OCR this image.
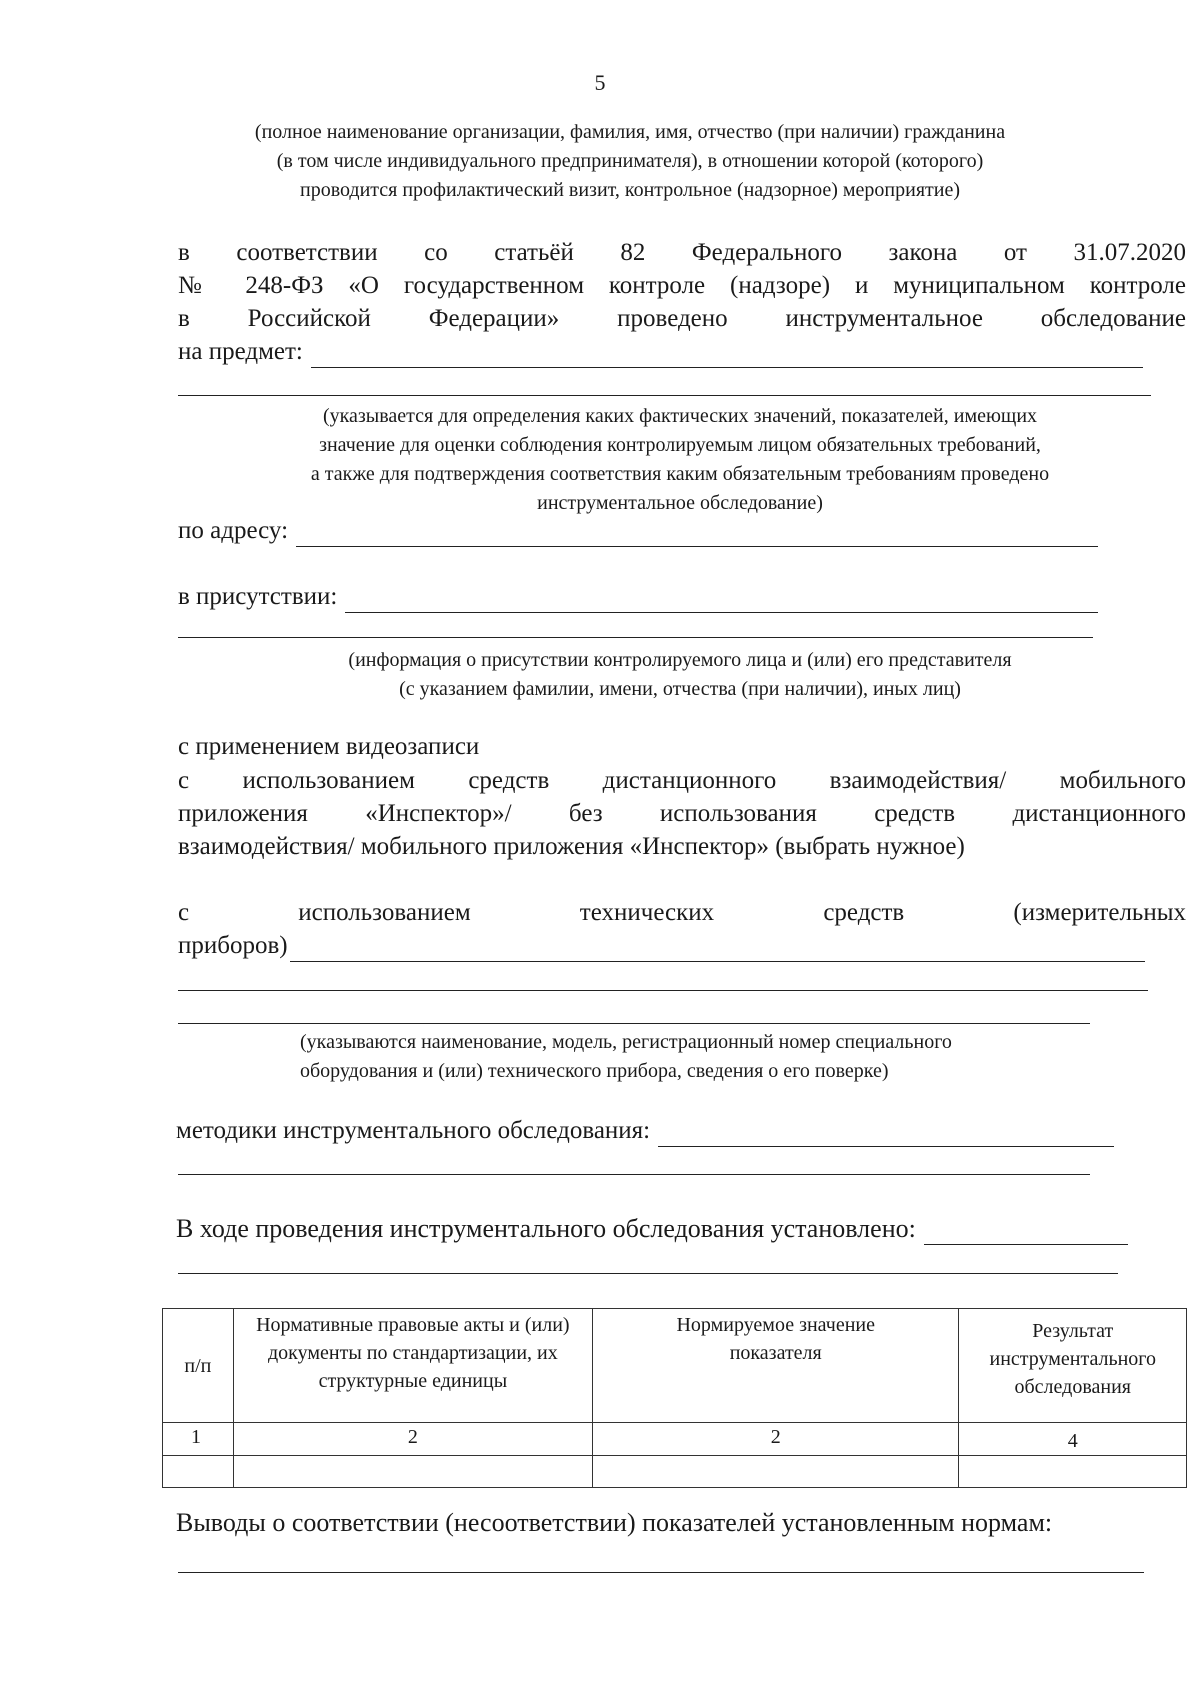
5
(полное наименование организации, фамилия, имя, отчество (при наличии) гражданина
(в том числе индивидуального предпринимателя), в отношении которой (которого)
проводится профилактический визит, контрольное (надзорное) мероприятие)
в соответствии со статьёй 82 Федерального закона от 31.07.2020
№ 248-ФЗ «О государственном контроле (надзоре) и муниципальном контроле
в Российской Федерации» проведено инструментальное обследование
на предмет:
(указывается для определения каких фактических значений, показателей, имеющих
значение для оценки соблюдения контролируемым лицом обязательных требований,
а также для подтверждения соответствия каким обязательным требованиям проведено
инструментальное обследование)
по адресу:
в присутствии:
(информация о присутствии контролируемого лица и (или) его представителя
(с указанием фамилии, имени, отчества (при наличии), иных лиц)
с применением видеозаписи
с использованием средств дистанционного взаимодействия/ мобильного
приложения «Инспектор»/ без использования средств дистанционного
взаимодействия/ мобильного приложения «Инспектор» (выбрать нужное)
с использованием технических средств (измерительных
приборов)
(указываются наименование, модель, регистрационный номер специального
оборудования и (или) технического прибора, сведения о его поверке)
методики инструментального обследования:
В ходе проведения инструментального обследования установлено:
п/п	Нормативные правовые акты и (или) документы по стандартизации, их структурные единицы	Нормируемое значение показателя	Результат инструментального обследования
1	2	2	4

Выводы о соответствии (несоответствии) показателей установленным нормам:
